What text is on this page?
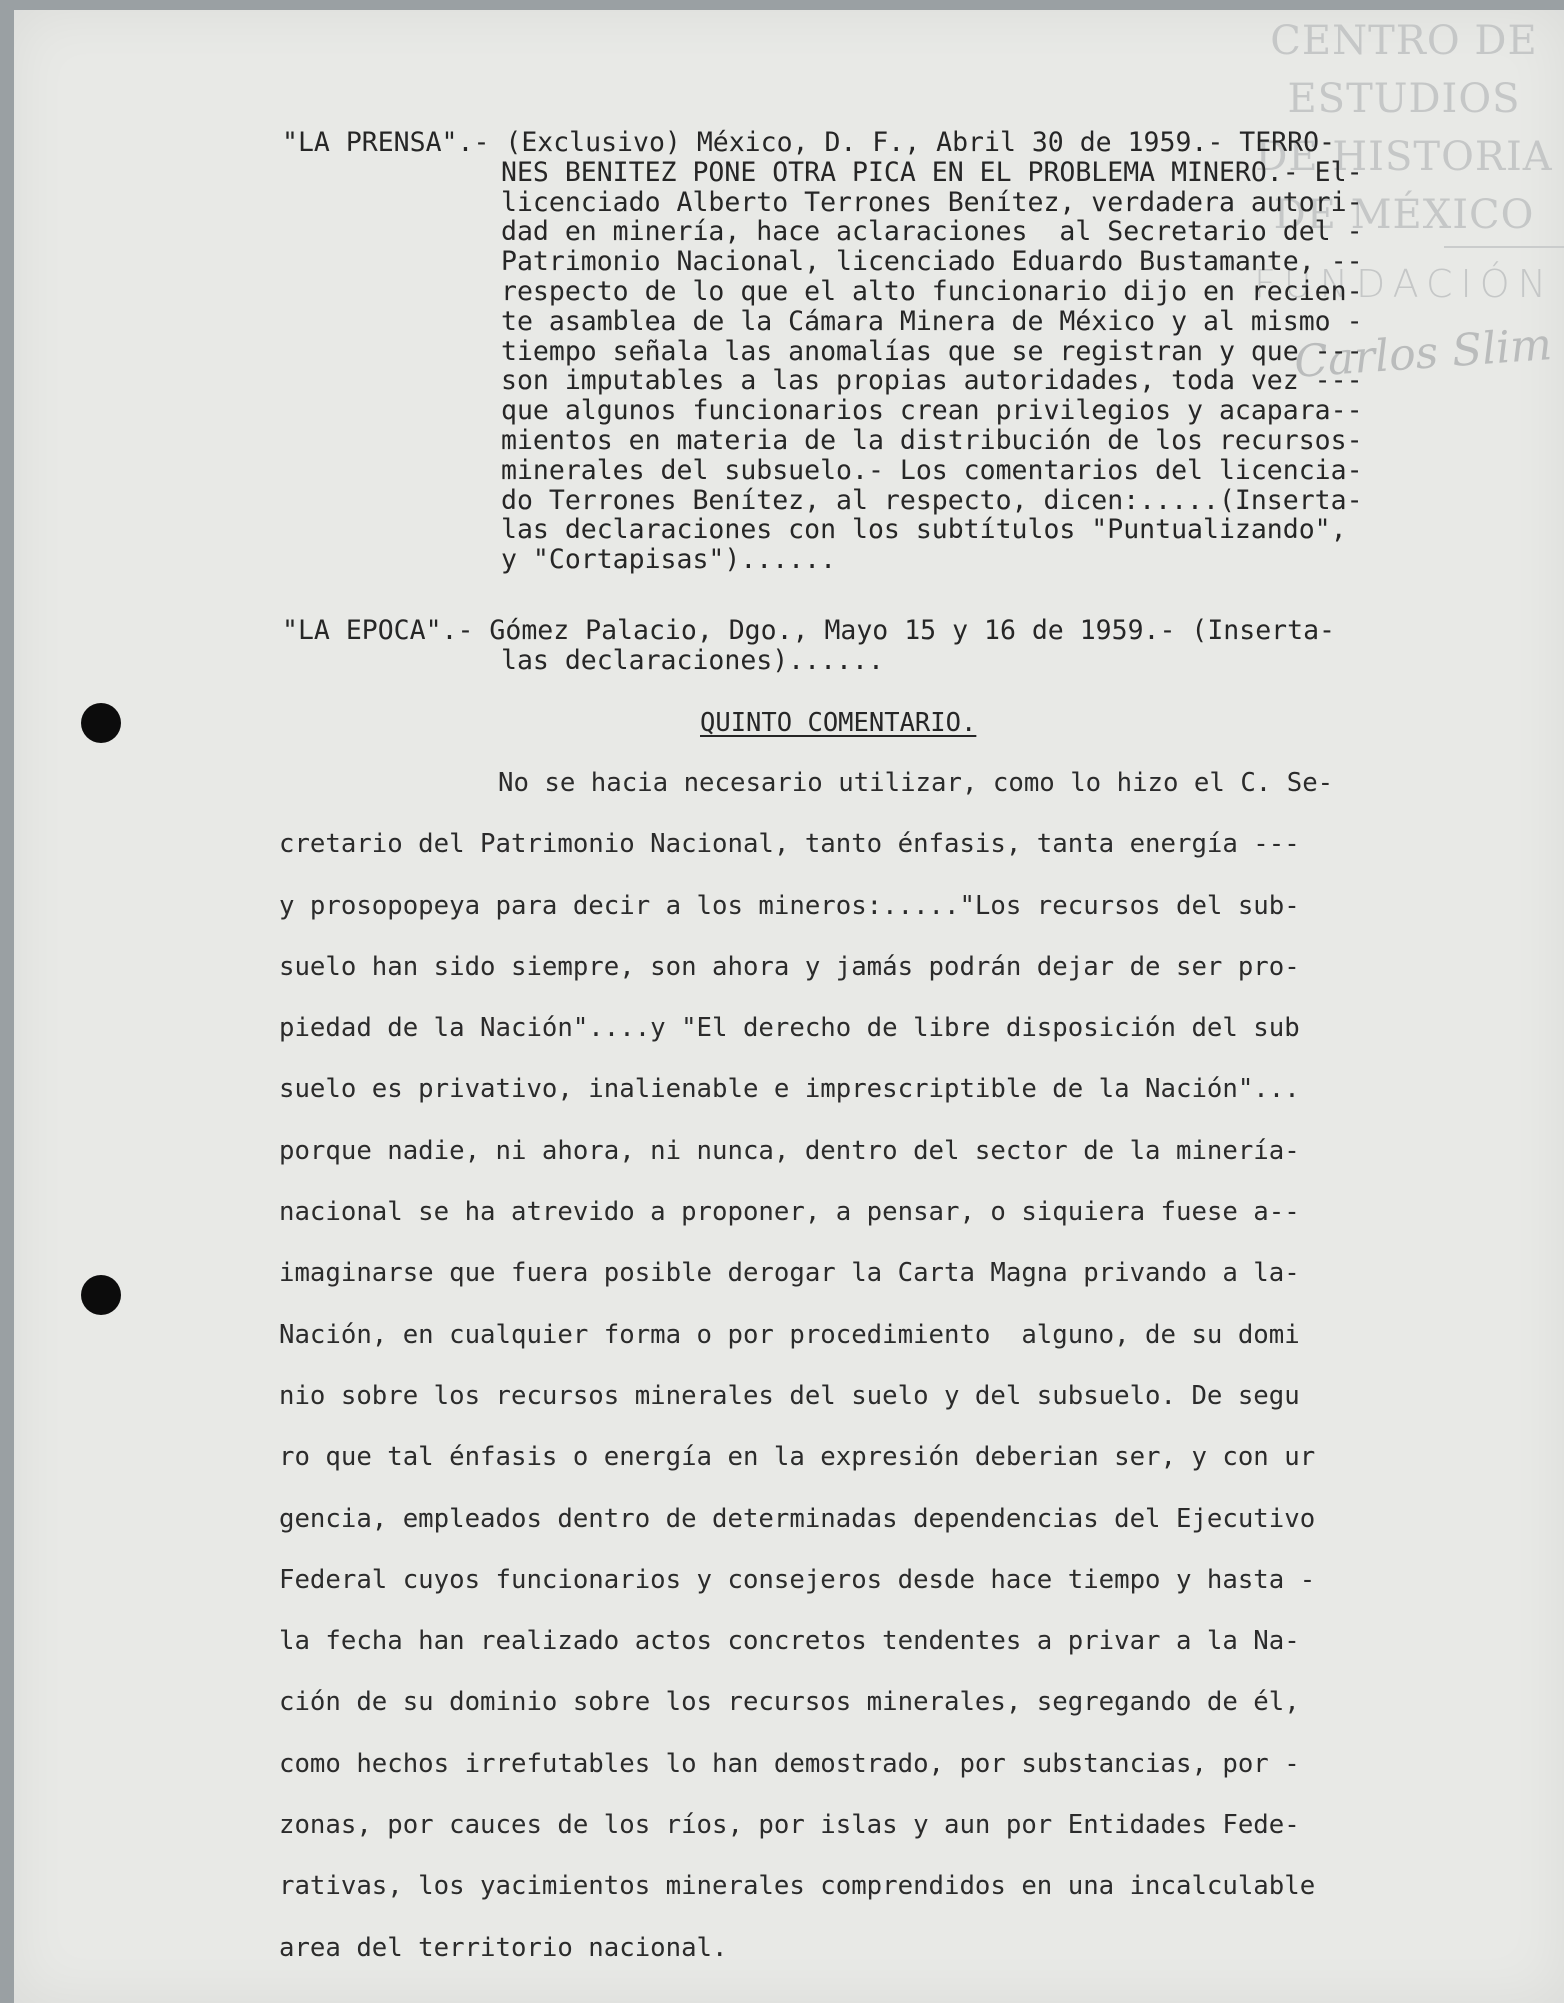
CENTRO DE
ESTUDIOS
DE HISTORIA
DE MÉXICO
FUNDACIÓN
Carlos Slim
"LA PRENSA".- (Exclusivo) México, D. F., Abril 30 de 1959.- TERRO-
NES BENITEZ PONE OTRA PICA EN EL PROBLEMA MINERO.- El-
licenciado Alberto Terrones Benítez, verdadera autori-
dad en minería, hace aclaraciones  al Secretario del -
Patrimonio Nacional, licenciado Eduardo Bustamante, --
respecto de lo que el alto funcionario dijo en recien-
te asamblea de la Cámara Minera de México y al mismo -
tiempo señala las anomalías que se registran y que ---
son imputables a las propias autoridades, toda vez ---
que algunos funcionarios crean privilegios y acapara--
mientos en materia de la distribución de los recursos-
minerales del subsuelo.- Los comentarios del licencia-
do Terrones Benítez, al respecto, dicen:.....(Inserta-
las declaraciones con los subtítulos "Puntualizando",
y "Cortapisas")......
"LA EPOCA".- Gómez Palacio, Dgo., Mayo 15 y 16 de 1959.- (Inserta-
las declaraciones)......
QUINTO COMENTARIO.
No se hacia necesario utilizar, como lo hizo el C. Se-
cretario del Patrimonio Nacional, tanto énfasis, tanta energía ---
y prosopopeya para decir a los mineros:....."Los recursos del sub-
suelo han sido siempre, son ahora y jamás podrán dejar de ser pro-
piedad de la Nación"....y "El derecho de libre disposición del sub
suelo es privativo, inalienable e imprescriptible de la Nación"...
porque nadie, ni ahora, ni nunca, dentro del sector de la minería-
nacional se ha atrevido a proponer, a pensar, o siquiera fuese a--
imaginarse que fuera posible derogar la Carta Magna privando a la-
Nación, en cualquier forma o por procedimiento  alguno, de su domi
nio sobre los recursos minerales del suelo y del subsuelo. De segu
ro que tal énfasis o energía en la expresión deberian ser, y con ur
gencia, empleados dentro de determinadas dependencias del Ejecutivo
Federal cuyos funcionarios y consejeros desde hace tiempo y hasta -
la fecha han realizado actos concretos tendentes a privar a la Na-
ción de su dominio sobre los recursos minerales, segregando de él,
como hechos irrefutables lo han demostrado, por substancias, por -
zonas, por cauces de los ríos, por islas y aun por Entidades Fede-
rativas, los yacimientos minerales comprendidos en una incalculable
area del territorio nacional.
